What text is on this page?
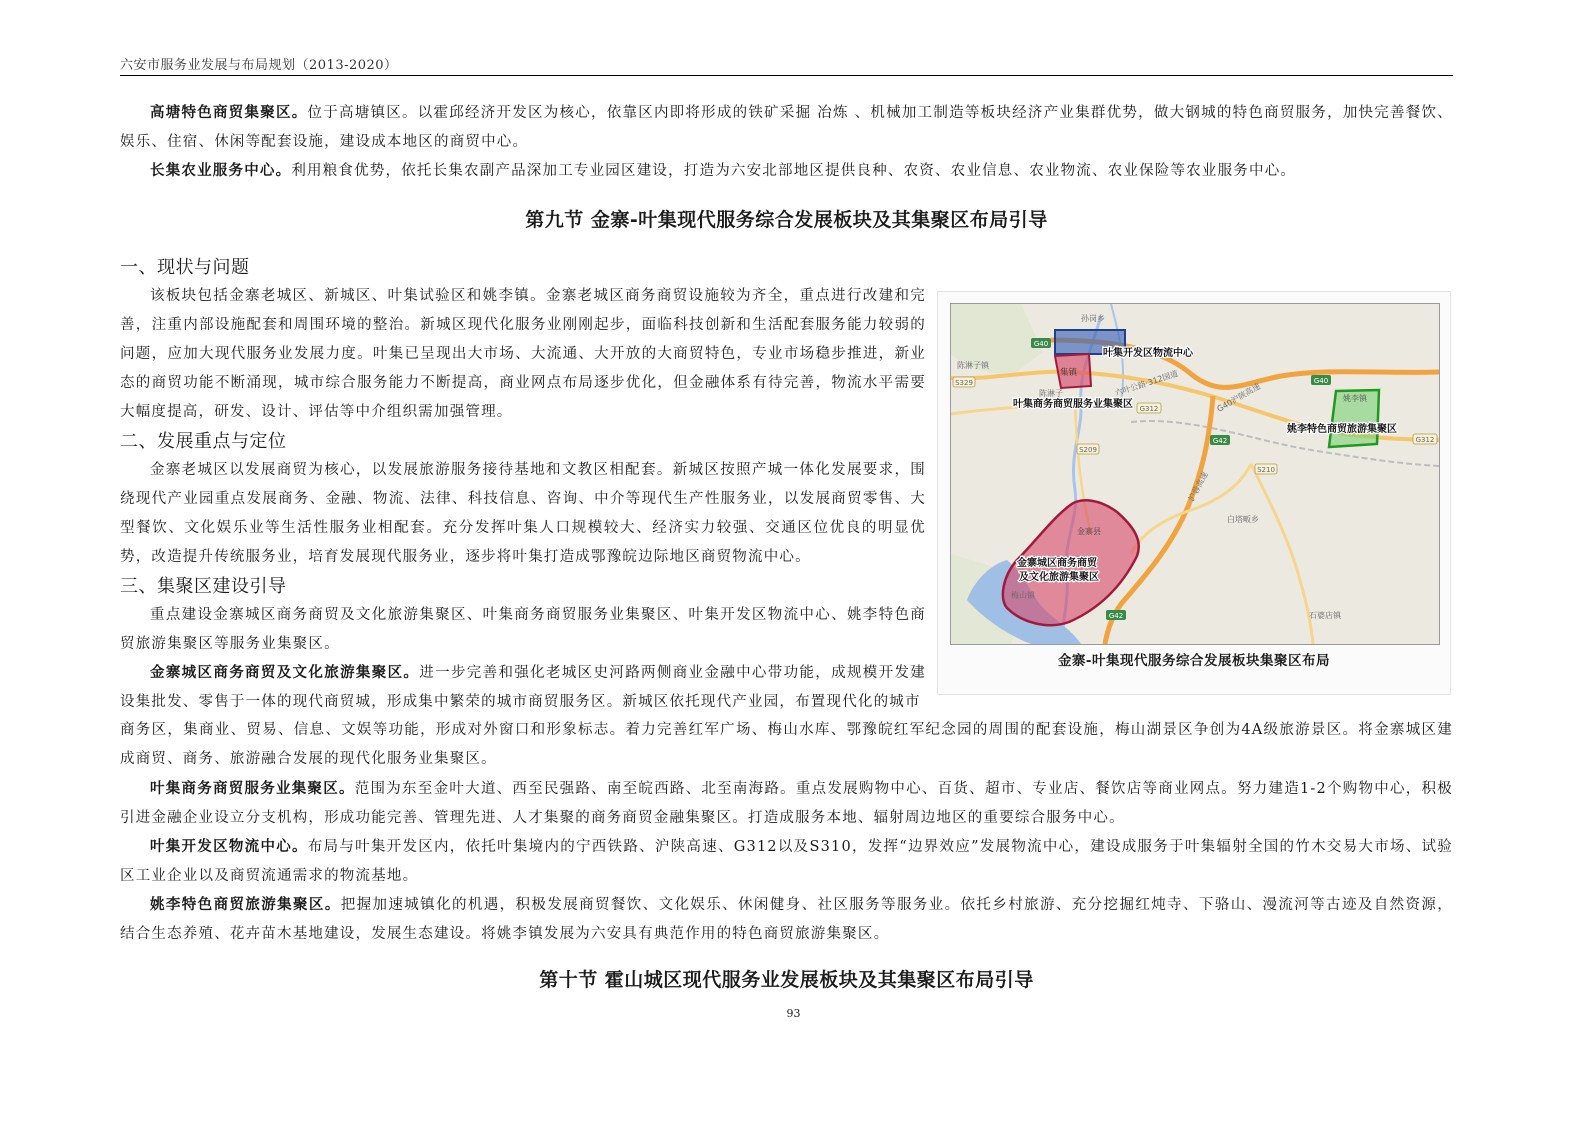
六安市服务业发展与布局规划（2013-2020）

高塘特色商贸集聚区。位于高塘镇区。以霍邱经济开发区为核心，依靠区内即将形成的铁矿采掘 冶炼 、机械加工制造等板块经济产业集群优势，做大钢城的特色商贸服务，加快完善餐饮、娱乐、住宿、休闲等配套设施，建设成本地区的商贸中心。

长集农业服务中心。利用粮食优势，依托长集农副产品深加工专业园区建设，打造为六安北部地区提供良种、农资、农业信息、农业物流、农业保险等农业服务中心。

第九节 金寨-叶集现代服务综合发展板块及其集聚区布局引导
一、现状与问题

该板块包括金寨老城区、新城区、叶集试验区和姚李镇。金寨老城区商务商贸设施较为齐全，重点进行改建和完善，注重内部设施配套和周围环境的整治。新城区现代化服务业刚刚起步，面临科技创新和生活配套服务能力较弱的问题，应加大现代服务业发展力度。叶集已呈现出大市场、大流通、大开放的大商贸特色，专业市场稳步推进，新业态的商贸功能不断涌现，城市综合服务能力不断提高，商业网点布局逐步优化，但金融体系有待完善，物流水平需要大幅度提高，研发、设计、评估等中介组织需加强管理。

二、发展重点与定位

金寨老城区以发展商贸为核心，以发展旅游服务接待基地和文教区相配套。新城区按照产城一体化发展要求，围绕现代产业园重点发展商务、金融、物流、法律、科技信息、咨询、中介等现代生产性服务业，以发展商贸零售、大型餐饮、文化娱乐业等生活性服务业相配套。充分发挥叶集人口规模较大、经济实力较强、交通区位优良的明显优势，改造提升传统服务业，培育发展现代服务业，逐步将叶集打造成鄂豫皖边际地区商贸物流中心。

三、集聚区建设引导

重点建设金寨城区商务商贸及文化旅游集聚区、叶集商务商贸服务业集聚区、叶集开发区物流中心、姚李特色商贸旅游集聚区等服务业集聚区。

金寨城区商务商贸及文化旅游集聚区。进一步完善和强化老城区史河路两侧商业金融中心带功能，成规模开发建设集批发、零售于一体的现代商贸城，形成集中繁荣的城市商贸服务区。新城区依托现代产业园，布置现代化的城市

商务区，集商业、贸易、信息、文娱等功能，形成对外窗口和形象标志。着力完善红军广场、梅山水库、鄂豫皖红军纪念园的周围的配套设施，梅山湖景区争创为4A级旅游景区。将金寨城区建成商贸、商务、旅游融合发展的现代化服务业集聚区。

叶集商务商贸服务业集聚区。范围为东至金叶大道、西至民强路、南至皖西路、北至南海路。重点发展购物中心、百货、超市、专业店、餐饮店等商业网点。努力建造1-2个购物中心，积极引进金融企业设立分支机构，形成功能完善、管理先进、人才集聚的商务商贸金融集聚区。打造成服务本地、辐射周边地区的重要综合服务中心。

叶集开发区物流中心。布局与叶集开发区内，依托叶集境内的宁西铁路、沪陕高速、G312以及S310，发挥“边界效应”发展物流中心，建设成服务于叶集辐射全国的竹木交易大市场、试验区工业企业以及商贸流通需求的物流基地。

姚李特色商贸旅游集聚区。把握加速城镇化的机遇，积极发展商贸餐饮、文化娱乐、休闲健身、社区服务等服务业。依托乡村旅游、充分挖掘红炖寺、下骆山、漫流河等古迹及自然资源，结合生态养殖、花卉苗木基地建设，发展生态建设。将姚李镇发展为六安具有典范作用的特色商贸旅游集聚区。

第十节 霍山城区现代服务业发展板块及其集聚区布局引导
93
G312
G312
G40
G40
G42
G42
S329
S209
S210
六叶公路·312国道	G40沪陕高速
沪蓉高速
孙岗乡
集镇
陈淋子
陈淋子镇
姚李镇
白塔畈乡
梅山镇
石婆店镇
金寨县
叶集开发区物流中心
叶集商务商贸服务业集聚区
姚李特色商贸旅游集聚区
金寨城区商务商贸
及文化旅游集聚区
金寨-叶集现代服务综合发展板块集聚区布局
